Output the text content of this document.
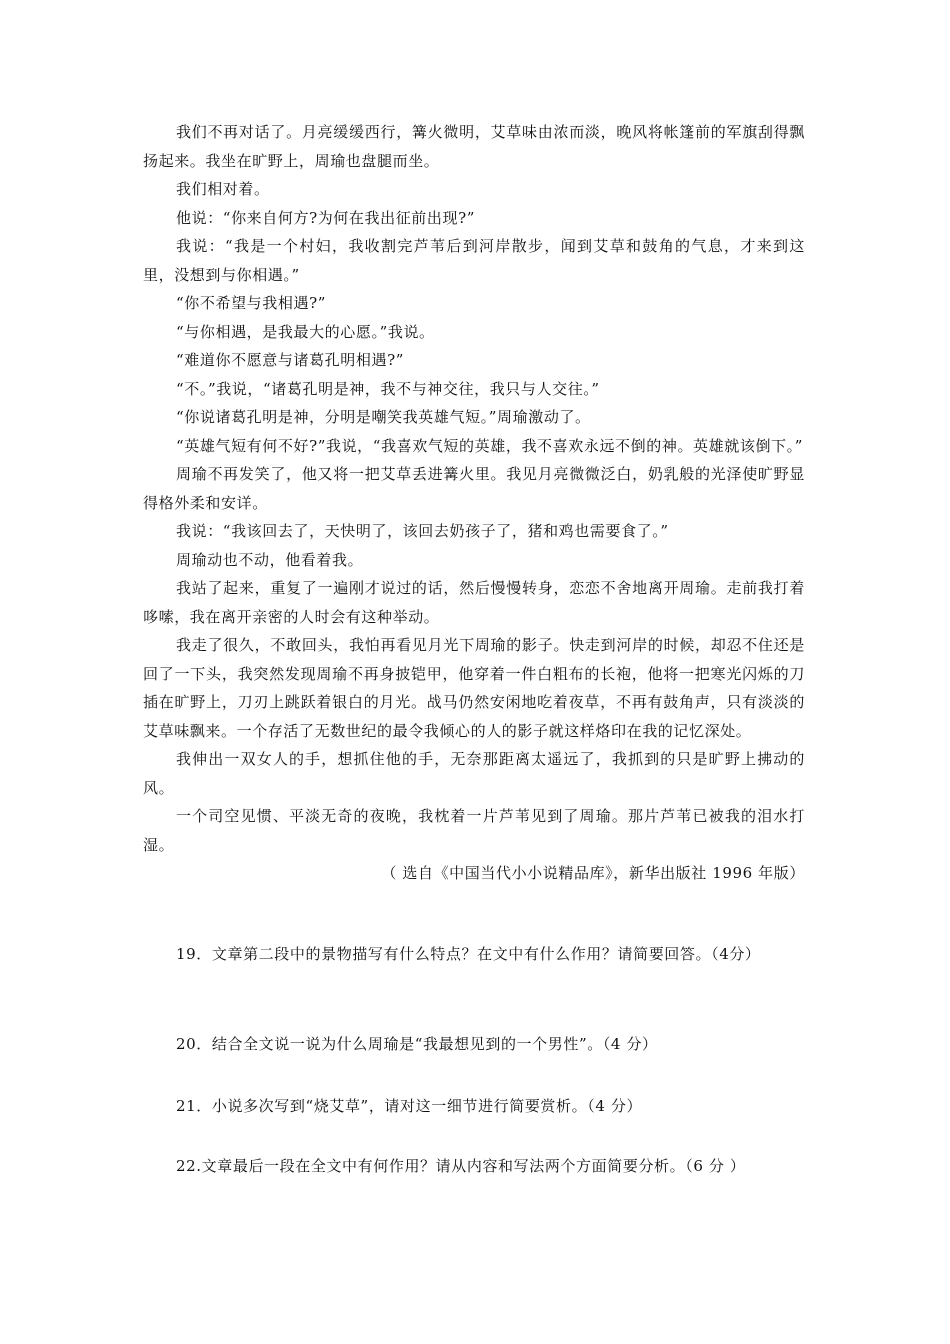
我们不再对话了。月亮缓缓西行，篝火微明，艾草味由浓而淡，晚风将帐篷前的军旗刮得飘扬起来。我坐在旷野上，周瑜也盘腿而坐。

我们相对着。

他说：“你来自何方?为何在我出征前出现?”

我说：“我是一个村妇，我收割完芦苇后到河岸散步，闻到艾草和鼓角的气息，才来到这里，没想到与你相遇。”

“你不希望与我相遇?”

“与你相遇，是我最大的心愿。”我说。

“难道你不愿意与诸葛孔明相遇?”

“不。”我说，“诸葛孔明是神，我不与神交往，我只与人交往。”

“你说诸葛孔明是神，分明是嘲笑我英雄气短。”周瑜激动了。

“英雄气短有何不好?”我说，“我喜欢气短的英雄，我不喜欢永远不倒的神。英雄就该倒下。”

周瑜不再发笑了，他又将一把艾草丢进篝火里。我见月亮微微泛白，奶乳般的光泽使旷野显得格外柔和安详。

我说：“我该回去了，天快明了，该回去奶孩子了，猪和鸡也需要食了。”

周瑜动也不动，他看着我。

我站了起来，重复了一遍刚才说过的话，然后慢慢转身，恋恋不舍地离开周瑜。走前我打着哆嗦，我在离开亲密的人时会有这种举动。

我走了很久，不敢回头，我怕再看见月光下周瑜的影子。快走到河岸的时候，却忍不住还是回了一下头，我突然发现周瑜不再身披铠甲，他穿着一件白粗布的长袍，他将一把寒光闪烁的刀插在旷野上，刀刃上跳跃着银白的月光。战马仍然安闲地吃着夜草，不再有鼓角声，只有淡淡的艾草味飘来。一个存活了无数世纪的最令我倾心的人的影子就这样烙印在我的记忆深处。

我伸出一双女人的手，想抓住他的手，无奈那距离太遥远了，我抓到的只是旷野上拂动的风。

一个司空见惯、平淡无奇的夜晚，我枕着一片芦苇见到了周瑜。那片芦苇已被我的泪水打湿。

（ 选自《中国当代小小说精品库》，新华出版社 1996 年版）

19．文章第二段中的景物描写有什么特点？在文中有什么作用？请简要回答。（4分）

20．结合全文说一说为什么周瑜是“我最想见到的一个男性”。（4 分）

21．小说多次写到“烧艾草”，请对这一细节进行简要赏析。（4 分）

22.文章最后一段在全文中有何作用？请从内容和写法两个方面简要分析。（6 分 ）
